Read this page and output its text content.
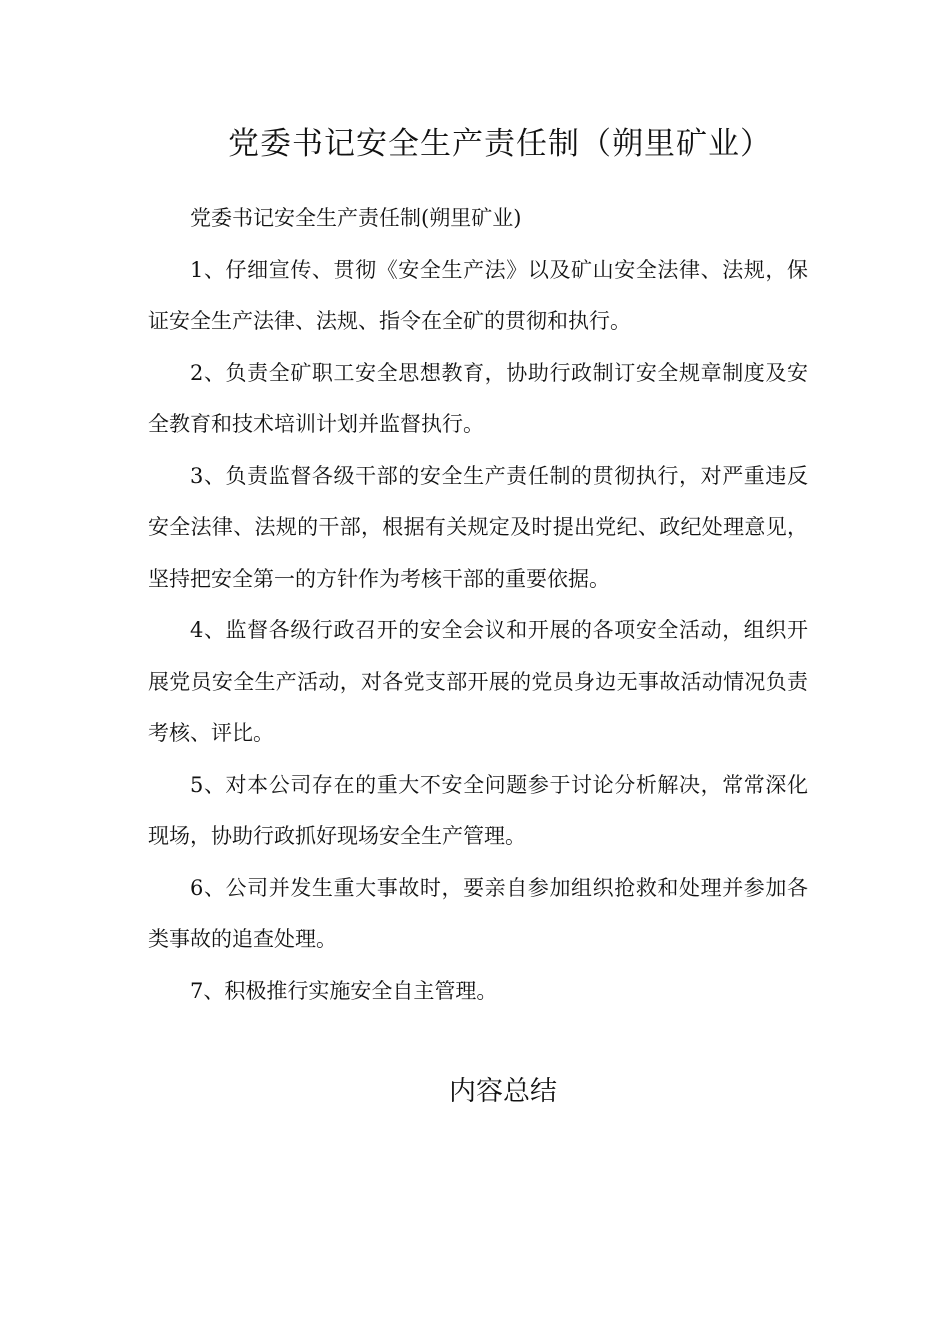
党委书记安全生产责任制（朔里矿业）

党委书记安全生产责任制(朔里矿业)

1、仔细宣传、贯彻《安全生产法》以及矿山安全法律、法规，保证安全生产法律、法规、指令在全矿的贯彻和执行。

2、负责全矿职工安全思想教育，协助行政制订安全规章制度及安全教育和技术培训计划并监督执行。

3、负责监督各级干部的安全生产责任制的贯彻执行，对严重违反安全法律、法规的干部，根据有关规定及时提出党纪、政纪处理意见，坚持把安全第一的方针作为考核干部的重要依据。

4、监督各级行政召开的安全会议和开展的各项安全活动，组织开展党员安全生产活动，对各党支部开展的党员身边无事故活动情况负责考核、评比。

5、对本公司存在的重大不安全问题参于讨论分析解决，常常深化现场，协助行政抓好现场安全生产管理。

6、公司并发生重大事故时，要亲自参加组织抢救和处理并参加各类事故的追查处理。

7、积极推行实施安全自主管理。

内容总结
